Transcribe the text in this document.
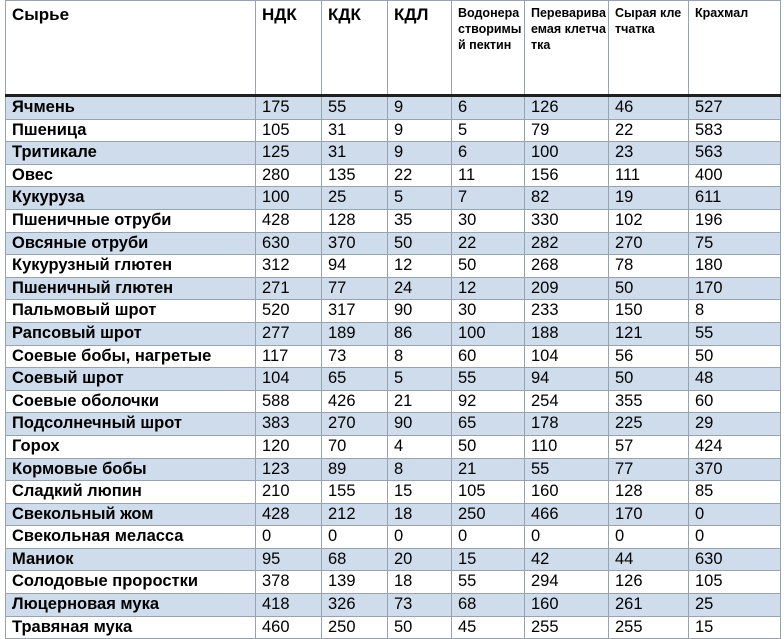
Сырье	НДК	КДК	КДЛ	Водонерастворимый пектин	Переваривaемая клетчатка	Сырая клетчатка	Крахмал
Ячмень	175	55	9	6	126	46	527
Пшеница	105	31	9	5	79	22	583
Тритикале	125	31	9	6	100	23	563
Овес	280	135	22	11	156	111	400
Кукуруза	100	25	5	7	82	19	611
Пшеничные отруби	428	128	35	30	330	102	196
Овсяные отруби	630	370	50	22	282	270	75
Кукурузный глютен	312	94	12	50	268	78	180
Пшеничный глютен	271	77	24	12	209	50	170
Пальмовый шрот	520	317	90	30	233	150	8
Рапсовый шрот	277	189	86	100	188	121	55
Соевые бобы, нагретые	117	73	8	60	104	56	50
Соевый шрот	104	65	5	55	94	50	48
Соевые оболочки	588	426	21	92	254	355	60
Подсолнечный шрот	383	270	90	65	178	225	29
Горох	120	70	4	50	110	57	424
Кормовые бобы	123	89	8	21	55	77	370
Сладкий люпин	210	155	15	105	160	128	85
Свекольный жом	428	212	18	250	466	170	0
Свекольная меласса	0	0	0	0	0	0	0
Маниок	95	68	20	15	42	44	630
Солодовые проростки	378	139	18	55	294	126	105
Люцерновая мука	418	326	73	68	160	261	25
Травяная мука	460	250	50	45	255	255	15
